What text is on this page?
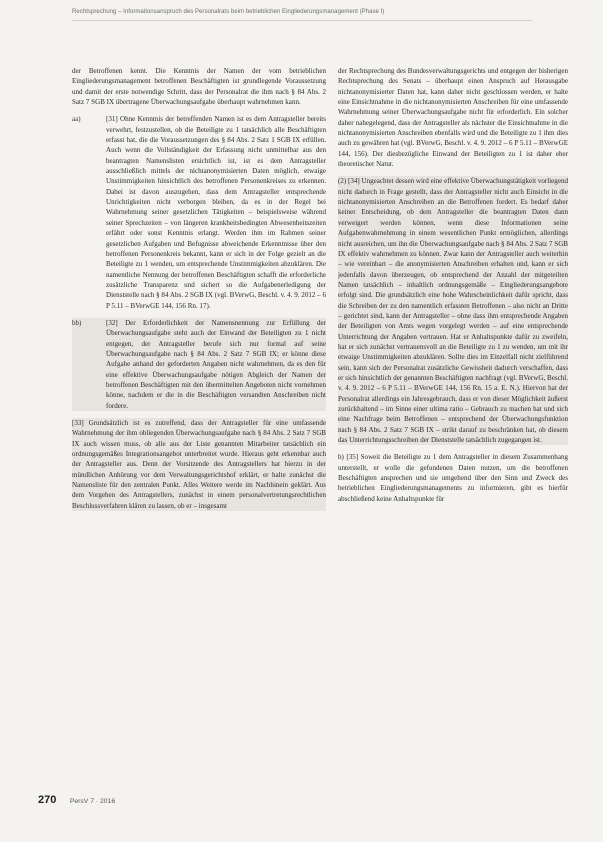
Rechtsprechung – Informationsanspruch des Personalrats beim betrieblichen Eingliederungsmanagement (Phase I)

der Betroffenen kennt. Die Kenntnis der Namen der vom betrieblichen Eingliederungsmanagement betroffenen Beschäftigten ist grundlegende Voraussetzung und damit der erste notwendige Schritt, dass der Personalrat die ihm nach § 84 Abs. 2 Satz 7 SGB IX übertragene Überwachungsaufgabe überhaupt wahrnehmen kann.

aa)	[31] Ohne Kenntnis der betreffenden Namen ist es dem Antragsteller bereits verwehrt, festzustellen, ob die Beteiligte zu 1 tatsächlich alle Beschäftigten erfasst hat, die die Voraussetzungen des § 84 Abs. 2 Satz 1 SGB IX erfüllen. Auch wenn die Vollständigkeit der Erfassung nicht unmittelbar aus den beantragten Namenslisten ersichtlich ist, ist es dem Antragsteller ausschließlich mittels der nichtanonymisierten Daten möglich, etwaige Unstimmigkeiten hinsichtlich des betroffenen Personenkreises zu erkennen. Dabei ist davon auszugehen, dass dem Antragsteller entsprechende Unrichtigkeiten nicht verborgen bleiben, da es in der Regel bei Wahrnehmung seiner gesetzlichen Tätigkeiten – beispielsweise während seiner Sprechzeiten – von längeren krankheitsbedingten Abwesenheitszeiten erfährt oder sonst Kenntnis erlangt. Werden ihm im Rahmen seiner gesetzlichen Aufgaben und Befugnisse abweichende Erkenntnisse über den betroffenen Personenkreis bekannt, kann er sich in der Folge gezielt an die Beteiligte zu 1 wenden, um entsprechende Unstimmigkeiten abzuklären. Die namentliche Nennung der betroffenen Beschäftigten schafft die erforderliche zusätzliche Transparenz und sichert so die Aufgabenerledigung der Dienststelle nach § 84 Abs. 2 SGB IX (vgl. BVerwG, Beschl. v. 4. 9. 2012 – 6 P 5.11 – BVerwGE 144, 156 Rn. 17).

bb)	[32] Der Erforderlichkeit der Namensnennung zur Erfüllung der Überwachungsaufgabe steht auch der Einwand der Beteiligten zu 1 nicht entgegen, der Antragsteller berufe sich nur formal auf seine Überwachungsaufgabe nach § 84 Abs. 2 Satz 7 SGB IX; er könne diese Aufgabe anhand der geforderten Angaben nicht wahrnehmen, da es den für eine effektive Überwachungsaufgabe nötigen Abgleich der Namen der betroffenen Beschäftigten mit den übermittelten Angeboten nicht vornehmen könne, nachdem er die in die Beschäftigten versandten Anschreiben nicht fordere.

[33] Grundsätzlich ist es zutreffend, dass der Antragsteller für eine umfassende Wahrnehmung der ihm obliegenden Überwachungsaufgabe nach § 84 Abs. 2 Satz 7 SGB IX auch wissen muss, ob alle aus der Liste genannten Mitarbeiter tatsächlich ein ordnungsgemäßes Integrationsangebot unterbreitet wurde. Hieraus geht erkennbar auch der Antragsteller aus. Denn der Vorsitzende des Antragstellers hat hierzu in der mündlichen Anhörung vor dem Verwaltungsgerichtshof erklärt, er halte zunächst die Namensliste für den zentralen Punkt. Alles Weitere werde im Nachhinein geklärt. Aus dem Vorgehen des Antragstellers, zunächst in einem personalvertretungsrechtlichen Beschlussverfahren klären zu lassen, ob er – insgesamt

der Rechtsprechung des Bundesverwaltungsgerichts und entgegen der bisherigen Rechtsprechung des Senats – überhaupt einen Anspruch auf Herausgabe nichtanonymisierter Daten hat, kann daher nicht geschlossen werden, er halte eine Einsichtnahme in die nichtanonymisierten Anschreiben für eine umfassende Wahrnehmung seiner Überwachungsaufgabe nicht für erforderlich. Ein solcher daher nahegelegend, dass der Antragsteller als nächster die Einsichtnahme in die nichtanonymisierten Anschreiben ebenfalls wird und die Beteiligte zu 1 ihm dies auch zu gewähren hat (vgl. BVerwG, Beschl. v. 4. 9. 2012 – 6 P 5.11 – BVerwGE 144, 156). Der diesbezügliche Einwand der Beteiligten zu 1 ist daher eher theoretischer Natur.

(2) [34] Ungeachtet dessen wird eine effektive Überwachungstätigkeit vorliegend nicht dadurch in Frage gestellt, dass der Antragsteller nicht auch Einsicht in die nichtanonymisierten Anschreiben an die Betroffenen fordert. Es bedarf daher keiner Entscheidung, ob dem Antragsteller die beantragten Daten dann verweigert werden können, wenn diese Informationen seine Aufgabenwahrnehmung in einem wesentlichen Punkt ermöglichen, allerdings nicht ausreichen, um ihn die Überwachungsaufgabe nach § 84 Abs. 2 Satz 7 SGB IX effektiv wahrnehmen zu können. Zwar kann der Antragsteller auch weiterhin – wie vereinbart – die anonymisierten Anschreiben erhalten und, kann er sich jedenfalls davon überzeugen, ob entsprechend der Anzahl der mitgeteilten Namen tatsächlich – inhaltlich ordnungsgemäße – Eingliederungsangebote erfolgt sind. Die grundsätzlich eine hohe Wahrscheinlichkeit dafür spricht, dass die Schreiben der zu den namentlich erfassten Betroffenen – also nicht an Dritte – gerichtet sind, kann der Antragsteller – ohne dass ihm entsprechende Angaben der Beteiligten von Amts wegen vorgelegt werden – auf eine entsprechende Unterrichtung der Angaben vertrauen. Hat er Anhaltspunkte dafür zu zweifeln, hat er sich zunächst vertrauensvoll an die Beteiligte zu 1 zu wenden, um mit ihr etwaige Unstimmigkeiten abzuklären. Sollte dies im Einzelfall nicht zielführend sein, kann sich der Personalrat zusätzliche Gewissheit dadurch verschaffen, dass er sich hinsichtlich der genannten Beschäftigten nachfragt (vgl. BVerwG, Beschl. v. 4. 9. 2012 – 6 P 5.11 – BVerwGE 144, 156 Rn. 15 a. E. N.). Hiervon hat der Personalrat allerdings ein Jahresgebrauch, dass er von dieser Möglichkeit äußerst zurückhaltend – im Sinne einer ultima ratio – Gebrauch zu machen hat und sich eine Nachfrage beim Betroffenen – entsprechend der Überwachungsfunktion nach § 84 Abs. 2 Satz 7 SGB IX – strikt darauf zu beschränken hat, ob diesem das Unterrichtungsschreiben der Dienststelle tatsächlich zugegangen ist.

b) [35] Soweit die Beteiligte zu 1 dem Antragsteller in diesem Zusammenhang unterstellt, er wolle die gefundenen Daten nutzen, um die betroffenen Beschäftigten ansprechen und sie umgehend über den Sinn und Zweck des betrieblichen Eingliederungsmanagements zu informieren, gibt es hierfür abschließend keine Anhaltspunkte für

270 PersV 7 · 2016
